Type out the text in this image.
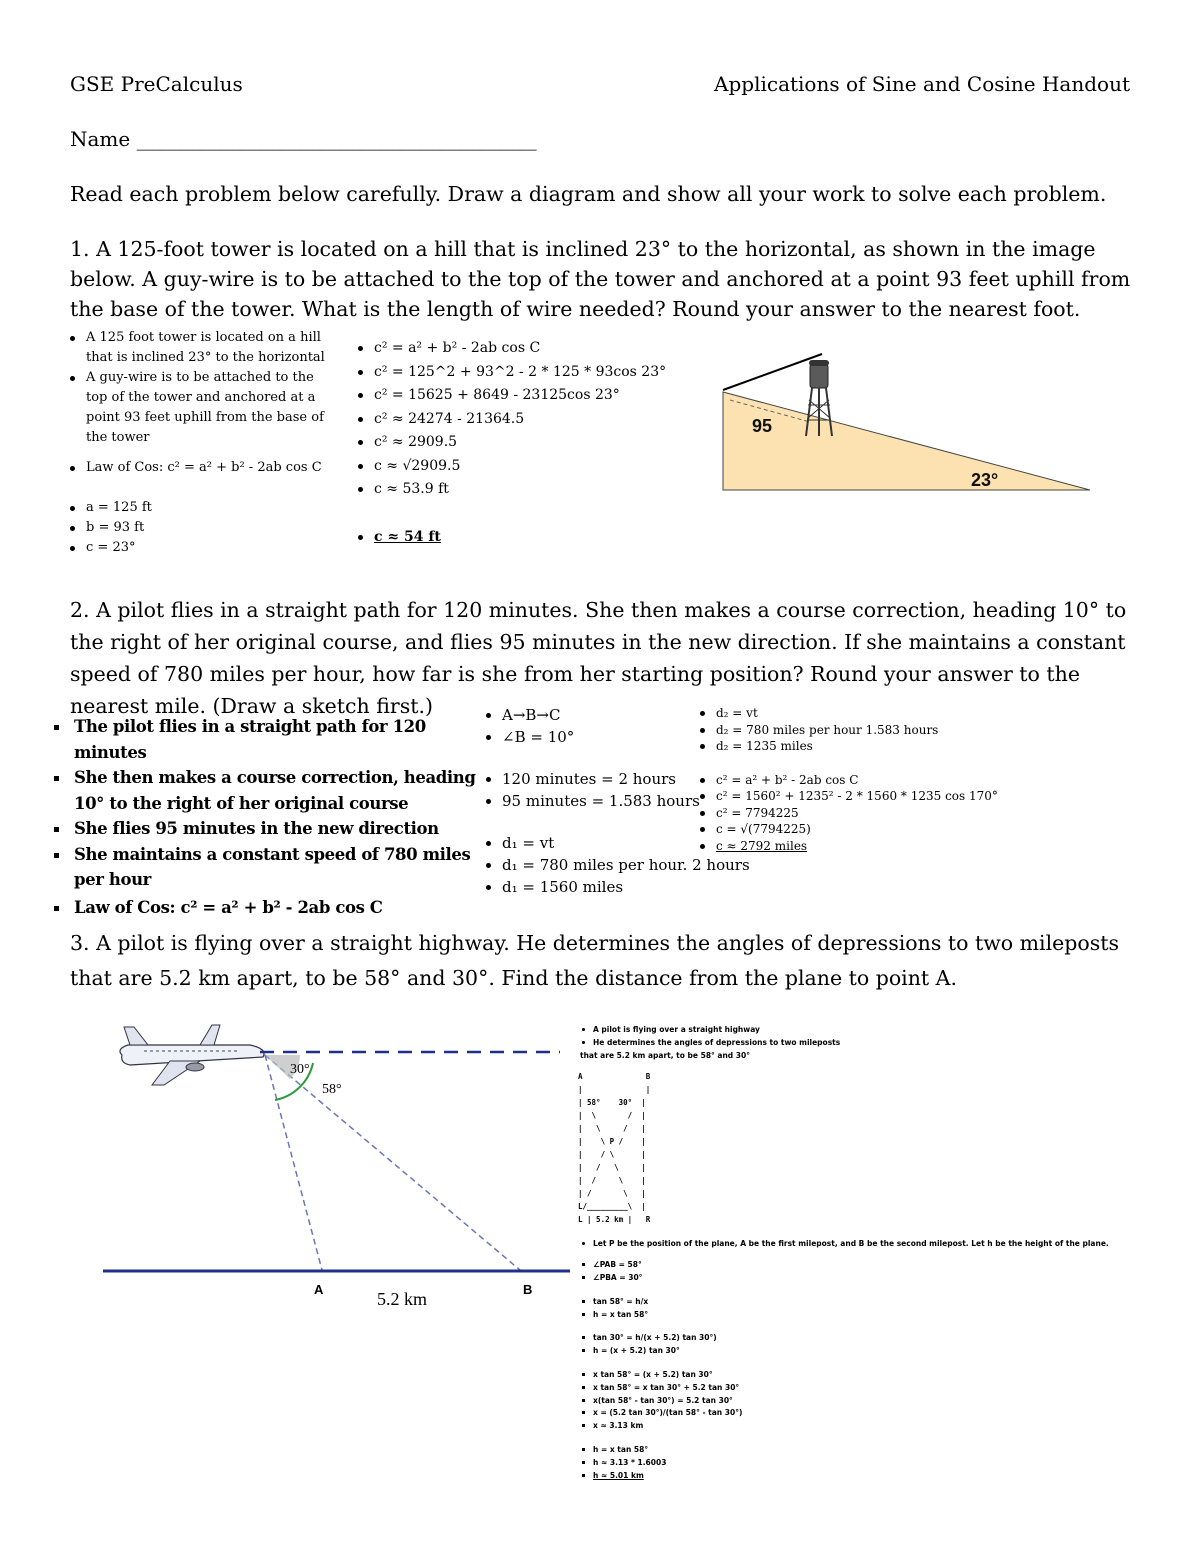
GSE PreCalculus	Applications of Sine and Cosine Handout
Name ________________________________________
Read each problem below carefully. Draw a diagram and show all your work to solve each problem.
1. A 125-foot tower is located on a hill that is inclined 23° to the horizontal, as shown in the image below. A guy-wire is to be attached to the top of the tower and anchored at a point 93 feet uphill from the base of the tower. What is the length of wire needed? Round your answer to the nearest foot.
A 125 foot tower is located on a hill that is inclined 23° to the horizontal
A guy-wire is to be attached to the top of the tower and anchored at a point 93 feet uphill from the base of the tower
Law of Cos: c² = a² + b² - 2ab cos C
a = 125 ft
b = 93 ft
c = 23°
c² = a² + b² - 2ab cos C
c² = 125^2 + 93^2 - 2 * 125 * 93cos 23°
c² = 15625 + 8649 - 23125cos 23°
c² ≈ 24274 - 21364.5
c² ≈ 2909.5
c ≈ √2909.5
c ≈ 53.9 ft
c ≈ 54 ft
95
23°
2. A pilot flies in a straight path for 120 minutes. She then makes a course correction, heading 10° to the right of her original course, and flies 95 minutes in the new direction. If she maintains a constant speed of 780 miles per hour, how far is she from her starting position? Round your answer to the nearest mile. (Draw a sketch first.)
The pilot flies in a straight path for 120 minutes
She then makes a course correction, heading 10° to the right of her original course
She flies 95 minutes in the new direction
She maintains a constant speed of 780 miles per hour
Law of Cos: c² = a² + b² - 2ab cos C
A→B→C
∠B = 10°
120 minutes = 2 hours
95 minutes = 1.583 hours
d₁ = vt
d₁ = 780 miles per hour. 2 hours
d₁ = 1560 miles
d₂ = vt
d₂ = 780 miles per hour 1.583 hours
d₂ = 1235 miles
c² = a² + b² - 2ab cos C
c² = 1560² + 1235² - 2 * 1560 * 1235 cos 170°
c² = 7794225
c = √(7794225)
c ≈ 2792 miles
3. A pilot is flying over a straight highway. He determines the angles of depressions to two mileposts that are 5.2 km apart, to be 58° and 30°. Find the distance from the plane to point A.
30°
58°
A	B
5.2 km
A pilot is flying over a straight highway
He determines the angles of depressions to two mileposts
that are 5.2 km apart, to be 58° and 30°
A              B
|              |
| 58°    30°  |
|  \       /  |
|   \     /   |
|    \ P /    |
|    / \      |
|   /   \     |
|  /     \    |
| /       \   |
L/_________\  |
L | 5.2 km |   R
Let P be the position of the plane, A be the first milepost, and B be the second milepost. Let h be the height of the plane.
∠PAB = 58°
∠PBA = 30°
tan 58° = h/x
h = x tan 58°
tan 30° = h/(x + 5.2) tan 30°)
h = (x + 5.2) tan 30°
x tan 58° = (x + 5.2) tan 30°
x tan 58° = x tan 30° + 5.2 tan 30°
x(tan 58° - tan 30°) = 5.2 tan 30°
x = (5.2 tan 30°)/(tan 58° - tan 30°)
x ≈ 3.13 km
h = x tan 58°
h ≈ 3.13 * 1.6003
h ≈ 5.01 km
